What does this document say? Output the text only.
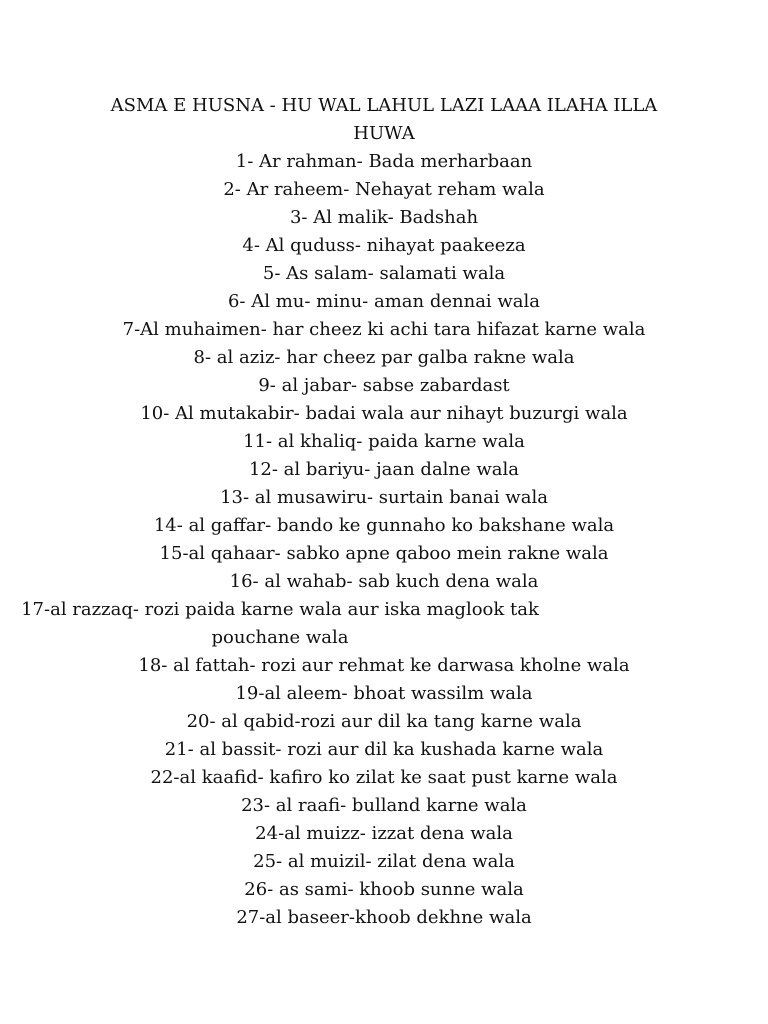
ASMA E HUSNA - HU WAL LAHUL LAZI LAAA ILAHA ILLA HUWA
1- Ar rahman- Bada merharbaan
2- Ar raheem- Nehayat reham wala
3- Al malik- Badshah
4- Al quduss- nihayat paakeeza
5- As salam- salamati wala
6- Al mu- minu- aman dennai wala
7-Al muhaimen- har cheez ki achi tara hifazat karne wala
8- al aziz- har cheez par galba rakne wala
9- al jabar- sabse zabardast
10- Al mutakabir- badai wala aur nihayt buzurgi wala
11- al khaliq- paida karne wala
12- al bariyu- jaan dalne wala
13- al musawiru- surtain banai wala
14- al gaffar- bando ke gunnaho ko bakshane wala
15-al qahaar- sabko apne qaboo mein rakne wala
16- al wahab- sab kuch dena wala
17-al razzaq- rozi paida karne wala aur iska maglook tak pouchane wala
18- al fattah- rozi aur rehmat ke darwasa kholne wala
19-al aleem- bhoat wassilm wala
20- al qabid-rozi aur dil ka tang karne wala
21- al bassit- rozi aur dil ka kushada karne wala
22-al kaafid- kafiro ko zilat ke saat pust karne wala
23- al raafi- bulland karne wala
24-al muizz- izzat dena wala
25- al muizil- zilat dena wala
26- as sami- khoob sunne wala
27-al baseer-khoob dekhne wala
